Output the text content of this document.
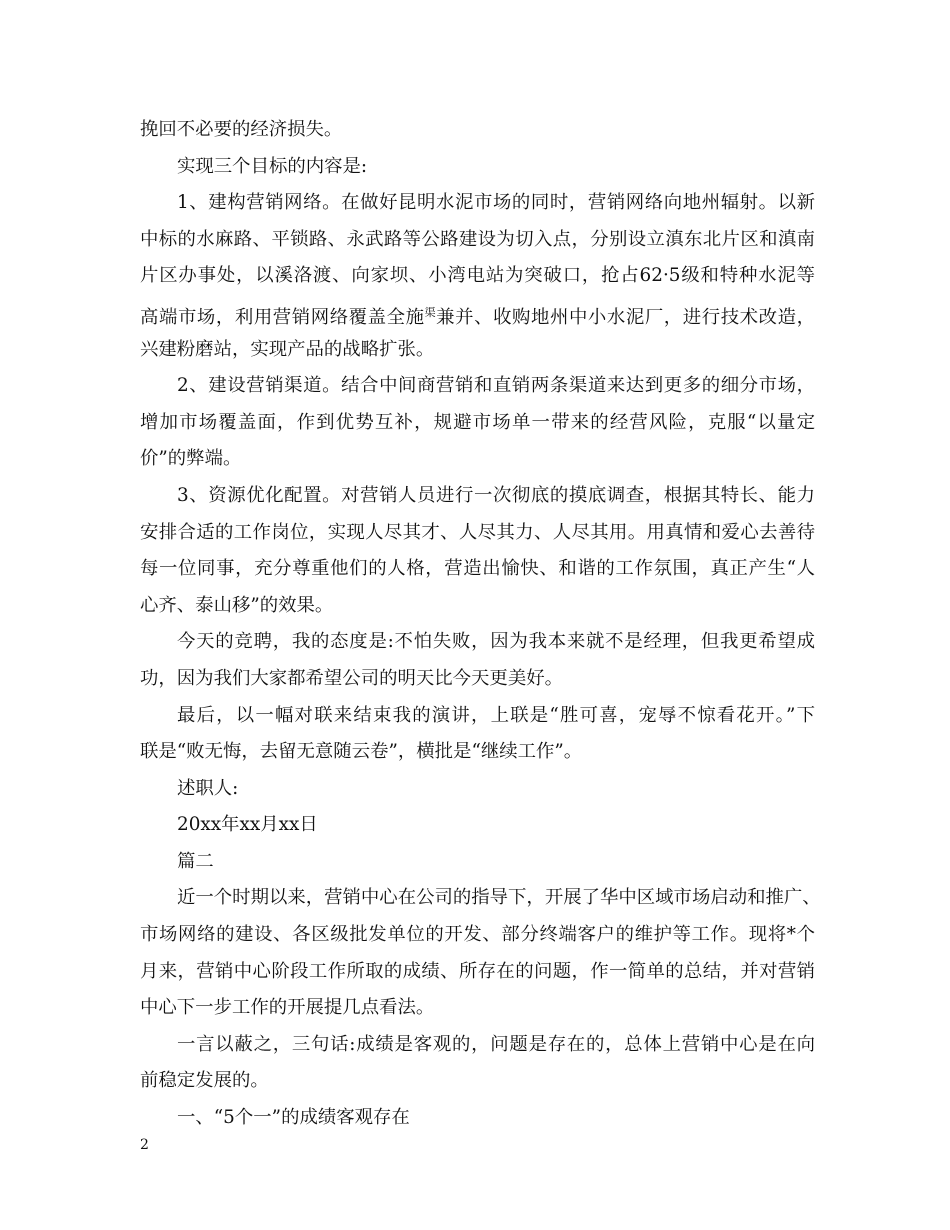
挽回不必要的经济损失。

实现三个目标的内容是:

1、建构营销网络。在做好昆明水泥市场的同时，营销网络向地州辐射。以新

中标的水麻路、平锁路、永武路等公路建设为切入点，分别设立滇东北片区和滇南

片区办事处，以溪洛渡、向家坝、小湾电站为突破口，抢占62·5级和特种水泥等

高端市场，利用营销网络覆盖全施$^渠$兼并、收购地州中小水泥厂，进行技术改造，

兴建粉磨站，实现产品的战略扩张。

2、建设营销渠道。结合中间商营销和直销两条渠道来达到更多的细分市场，

增加市场覆盖面，作到优势互补，规避市场单一带来的经营风险，克服“以量定

价”的弊端。

3、资源优化配置。对营销人员进行一次彻底的摸底调查，根据其特长、能力

安排合适的工作岗位，实现人尽其才、人尽其力、人尽其用。用真情和爱心去善待

每一位同事，充分尊重他们的人格，营造出愉快、和谐的工作氛围，真正产生“人

心齐、泰山移”的效果。

今天的竞聘，我的态度是:不怕失败，因为我本来就不是经理，但我更希望成

功，因为我们大家都希望公司的明天比今天更美好。

最后，以一幅对联来结束我的演讲，上联是“胜可喜，宠辱不惊看花开。”下

联是“败无悔，去留无意随云卷”，横批是“继续工作”。

述职人:

20xx年xx月xx日

篇二

近一个时期以来，营销中心在公司的指导下，开展了华中区域市场启动和推广、

市场网络的建设、各区级批发单位的开发、部分终端客户的维护等工作。现将*个

月来，营销中心阶段工作所取的成绩、所存在的问题，作一简单的总结，并对营销

中心下一步工作的开展提几点看法。

一言以蔽之，三句话:成绩是客观的，问题是存在的，总体上营销中心是在向

前稳定发展的。

一、“5个一”的成绩客观存在

2
